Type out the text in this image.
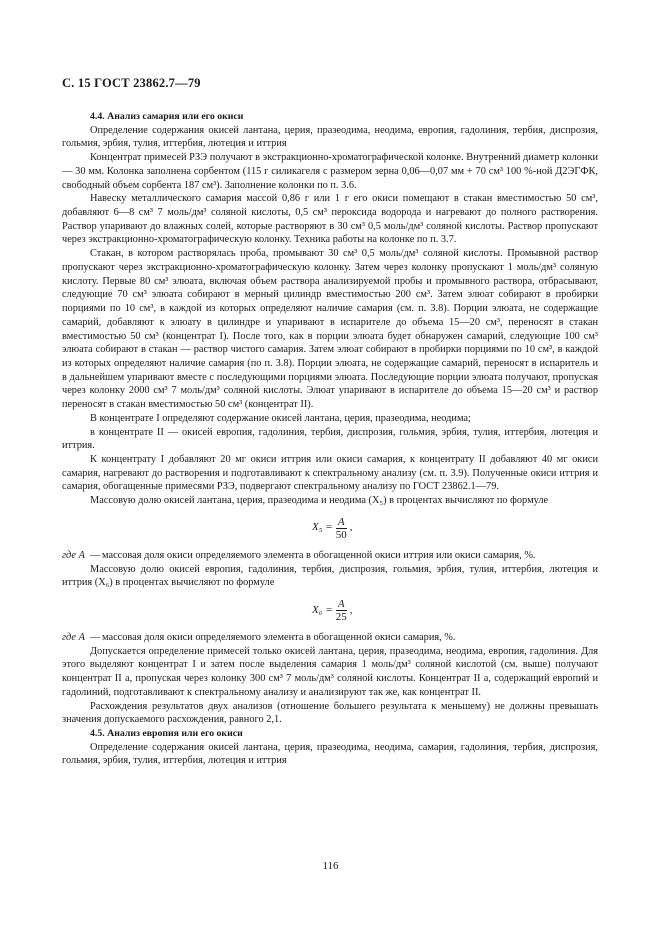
С. 15 ГОСТ 23862.7—79

4.4. Анализ самария или его окиси

Определение содержания окисей лантана, церия, празеодима, неодима, европия, гадолиния, тербия, диспрозия, гольмия, эрбия, тулия, иттербия, лютеция и иттрия

Концентрат примесей РЗЭ получают в экстракционно-хроматографической колонке. Внутренний диаметр колонки — 30 мм. Колонка заполнена сорбентом (115 г силикагеля с размером зерна 0,06—0,07 мм + 70 см³ 100 %-ной Д2ЭГФК, свободный объем сорбента 187 см³). Заполнение колонки по п. 3.6.

Навеску металлического самария массой 0,86 г или 1 г его окиси помещают в стакан вместимостью 50 см³, добавляют 6—8 см³ 7 моль/дм³ соляной кислоты, 0,5 см³ пероксида водорода и нагревают до полного растворения. Раствор упаривают до влажных солей, которые растворяют в 30 см³ 0,5 моль/дм³ соляной кислоты. Раствор пропускают через экстракционно-хроматографическую колонку. Техника работы на колонке по п. 3.7.

Стакан, в котором растворялась проба, промывают 30 см³ 0,5 моль/дм³ соляной кислоты. Промывной раствор пропускают через экстракционно-хроматографическую колонку. Затем через колонку пропускают 1 моль/дм³ соляную кислоту. Первые 80 см³ элюата, включая объем раствора анализируемой пробы и промывного раствора, отбрасывают, следующие 70 см³ элюата собирают в мерный цилиндр вместимостью 200 см³. Затем элюат собирают в пробирки порциями по 10 см³, в каждой из которых определяют наличие самария (см. п. 3.8). Порции элюата, не содержащие самарий, добавляют к элюату в цилиндре и упаривают в испарителе до объема 15—20 см³, переносят в стакан вместимостью 50 см³ (концентрат I). После того, как в порции элюата будет обнаружен самарий, следующие 100 см³ элюата собирают в стакан — раствор чистого самария. Затем элюат собирают в пробирки порциями по 10 см³, в каждой из которых определяют наличие самария (по п. 3.8). Порции элюата, не содержащие самарий, переносят в испаритель и в дальнейшем упаривают вместе с последующими порциями элюата. Последующие порции элюата получают, пропуская через колонку 2000 см³ 7 моль/дм³ соляной кислоты. Элюат упаривают в испарителе до объема 15—20 см³ и раствор переносят в стакан вместимостью 50 см³ (концентрат II).

В концентрате I определяют содержание окисей лантана, церия, празеодима, неодима;

в концентрате II — окисей европия, гадолиния, тербия, диспрозия, гольмия, эрбия, тулия, иттербия, лютеция и иттрия.

К концентрату I добавляют 20 мг окиси иттрия или окиси самария, к концентрату II добавляют 40 мг окиси самария, нагревают до растворения и подготавливают к спектральному анализу (см. п. 3.9). Полученные окиси иттрия и самария, обогащенные примесями РЗЭ, подвергают спектральному анализу по ГОСТ 23862.1—79.

Массовую долю окисей лантана, церия, празеодима и неодима (X₅) в процентах вычисляют по формуле

$X_5 = \frac{A}{50}$ ,
где A — массовая доля окиси определяемого элемента в обогащенной окиси иттрия или окиси самария, %.

Массовую долю окисей европия, гадолиния, тербия, диспрозия, гольмия, эрбия, тулия, иттербия, лютеция и иттрия (X₆) в процентах вычисляют по формуле

$X_6 = \frac{A}{25}$ ,
где A — массовая доля окиси определяемого элемента в обогащенной окиси самария, %.

Допускается определение примесей только окисей лантана, церия, празеодима, неодима, европия, гадолиния. Для этого выделяют концентрат I и затем после выделения самария 1 моль/дм³ соляной кислотой (см. выше) получают концентрат II а, пропуская через колонку 300 см³ 7 моль/дм³ соляной кислоты. Концентрат II а, содержащий европий и гадолиний, подготавливают к спектральному анализу и анализируют так же, как концентрат II.

Расхождения результатов двух анализов (отношение большего результата к меньшему) не должны превышать значения допускаемого расхождения, равного 2,1.

4.5. Анализ европия или его окиси

Определение содержания окисей лантана, церия, празеодима, неодима, самария, гадолиния, тербия, диспрозия, гольмия, эрбия, тулия, иттербия, лютеция и иттрия

116
